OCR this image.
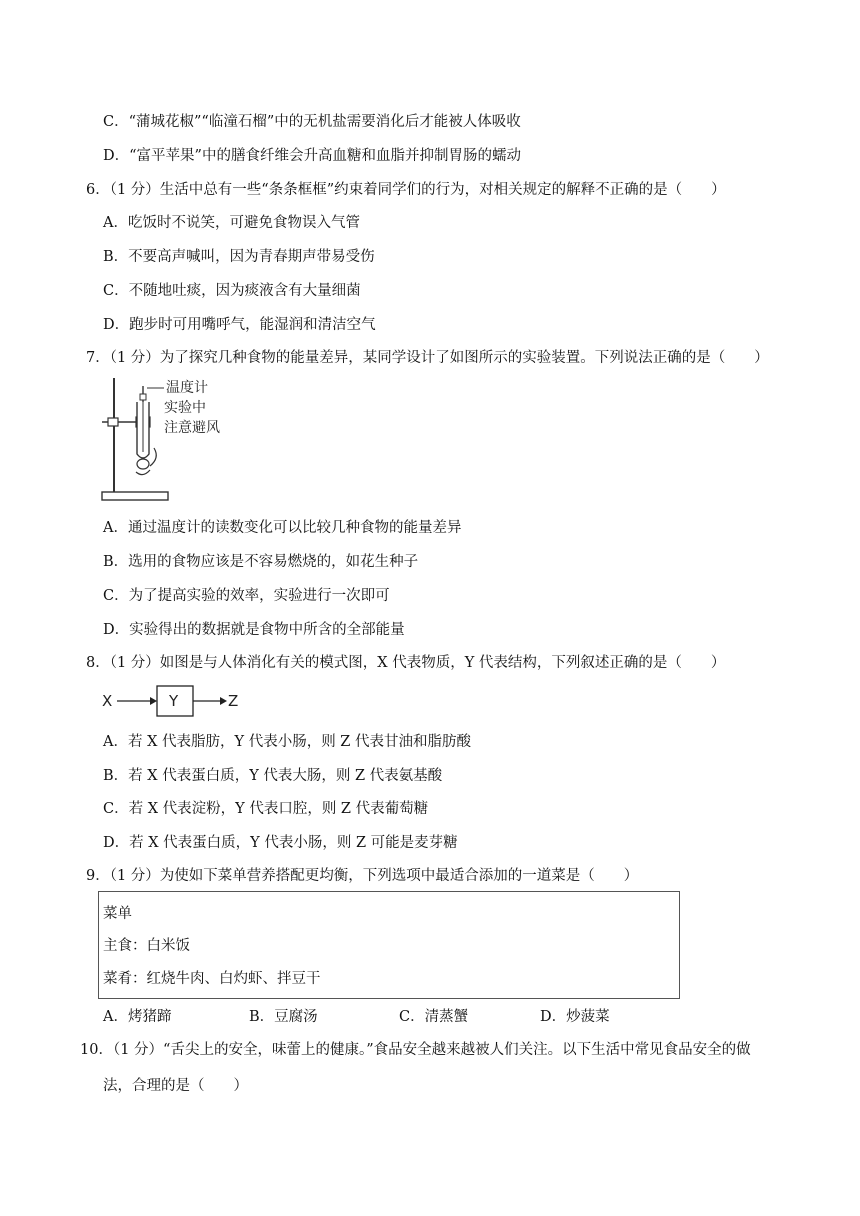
C．“蒲城花椒”“临潼石榴”中的无机盐需要消化后才能被人体吸收
D．“富平苹果”中的膳食纤维会升高血糖和血脂并抑制胃肠的蠕动
6．（1 分）生活中总有一些“条条框框”约束着同学们的行为，对相关规定的解释不正确的是（　　）
A．吃饭时不说笑，可避免食物误入气管
B．不要高声喊叫，因为青春期声带易受伤
C．不随地吐痰，因为痰液含有大量细菌
D．跑步时可用嘴呼气，能湿润和清洁空气
7．（1 分）为了探究几种食物的能量差异，某同学设计了如图所示的实验装置。下列说法正确的是（　　）
温度计
实验中
注意避风
A．通过温度计的读数变化可以比较几种食物的能量差异
B．选用的食物应该是不容易燃烧的，如花生种子
C．为了提高实验的效率，实验进行一次即可
D．实验得出的数据就是食物中所含的全部能量
8．（1 分）如图是与人体消化有关的模式图，X 代表物质，Y 代表结构，下列叙述正确的是（　　）
X	Y	Z
A．若 X 代表脂肪，Y 代表小肠，则 Z 代表甘油和脂肪酸
B．若 X 代表蛋白质，Y 代表大肠，则 Z 代表氨基酸
C．若 X 代表淀粉，Y 代表口腔，则 Z 代表葡萄糖
D．若 X 代表蛋白质，Y 代表小肠，则 Z 可能是麦芽糖
9．（1 分）为使如下菜单营养搭配更均衡，下列选项中最适合添加的一道菜是（　　）
菜单
主食：白米饭
菜肴：红烧牛肉、白灼虾、拌豆干
A．烤猪蹄	B．豆腐汤	C．清蒸蟹	D．炒菠菜
10．（1 分）“舌尖上的安全，味蕾上的健康。”食品安全越来越被人们关注。以下生活中常见食品安全的做
法，合理的是（　　）
